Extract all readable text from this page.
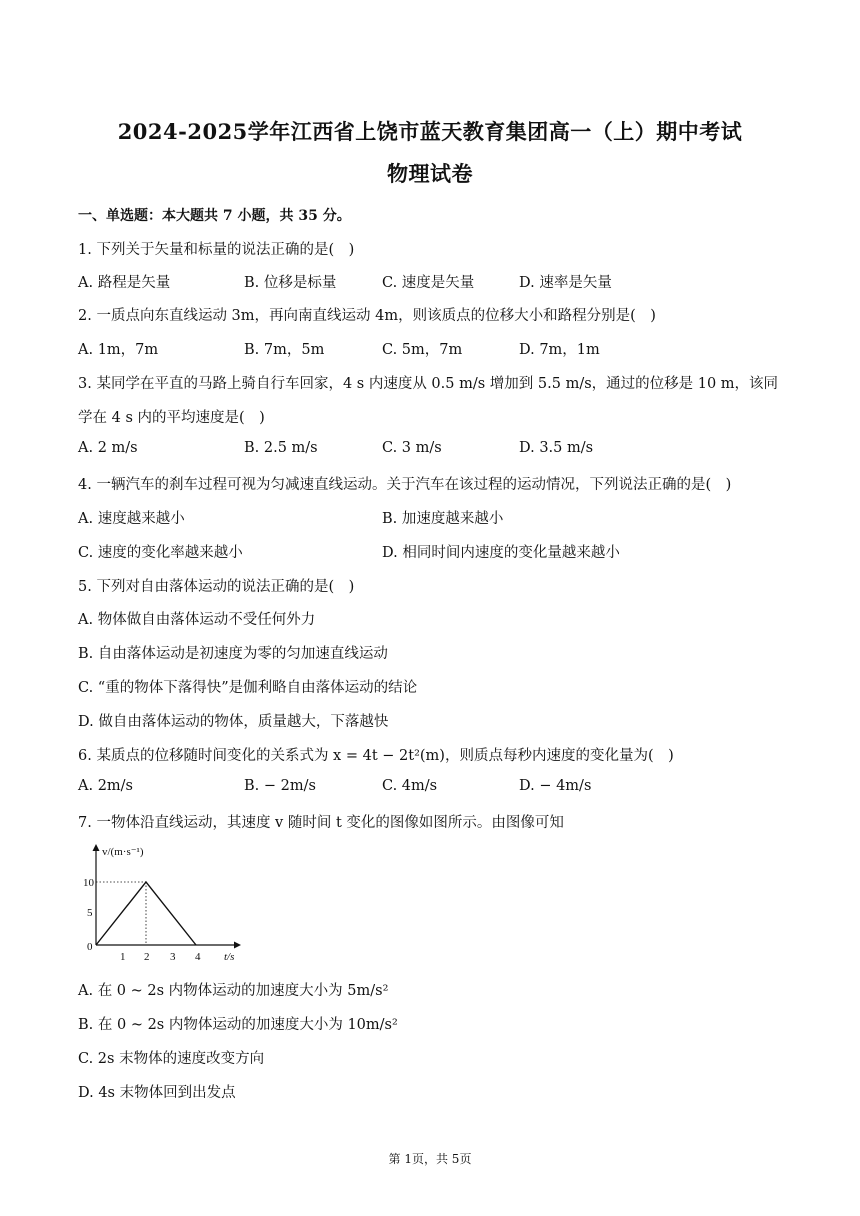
2024-2025学年江西省上饶市蓝天教育集团高一（上）期中考试
物理试卷
一、单选题：本大题共 7 小题，共 35 分。
1. 下列关于矢量和标量的说法正确的是(　)
A. 路程是矢量	B. 位移是标量	C. 速度是矢量	D. 速率是矢量
2. 一质点向东直线运动 3m，再向南直线运动 4m，则该质点的位移大小和路程分别是(　)
A. 1m，7m	B. 7m，5m	C. 5m，7m	D. 7m，1m
3. 某同学在平直的马路上骑自行车回家，4 s 内速度从 0.5 m/s 增加到 5.5 m/s，通过的位移是 10 m，该同
学在 4 s 内的平均速度是(　)
A. 2 m/s	B. 2.5 m/s	C. 3 m/s	D. 3.5 m/s
4. 一辆汽车的刹车过程可视为匀减速直线运动。关于汽车在该过程的运动情况，下列说法正确的是(　)
A. 速度越来越小	B. 加速度越来越小
C. 速度的变化率越来越小	D. 相同时间内速度的变化量越来越小
5. 下列对自由落体运动的说法正确的是(　)
A. 物体做自由落体运动不受任何外力
B. 自由落体运动是初速度为零的匀加速直线运动
C. “重的物体下落得快”是伽利略自由落体运动的结论
D. 做自由落体运动的物体，质量越大，下落越快
6. 某质点的位移随时间变化的关系式为 x = 4t − 2t²(m)，则质点每秒内速度的变化量为(　)
A. 2m/s	B. − 2m/s	C. 4m/s	D. − 4m/s
7. 一物体沿直线运动，其速度 v 随时间 t 变化的图像如图所示。由图像可知
v/(m·s⁻¹)
t/s
10
5
0
1 2 3 4
A. 在 0 ~ 2s 内物体运动的加速度大小为 5m/s²
B. 在 0 ~ 2s 内物体运动的加速度大小为 10m/s²
C. 2s 末物体的速度改变方向
D. 4s 末物体回到出发点
第 1页，共 5页
